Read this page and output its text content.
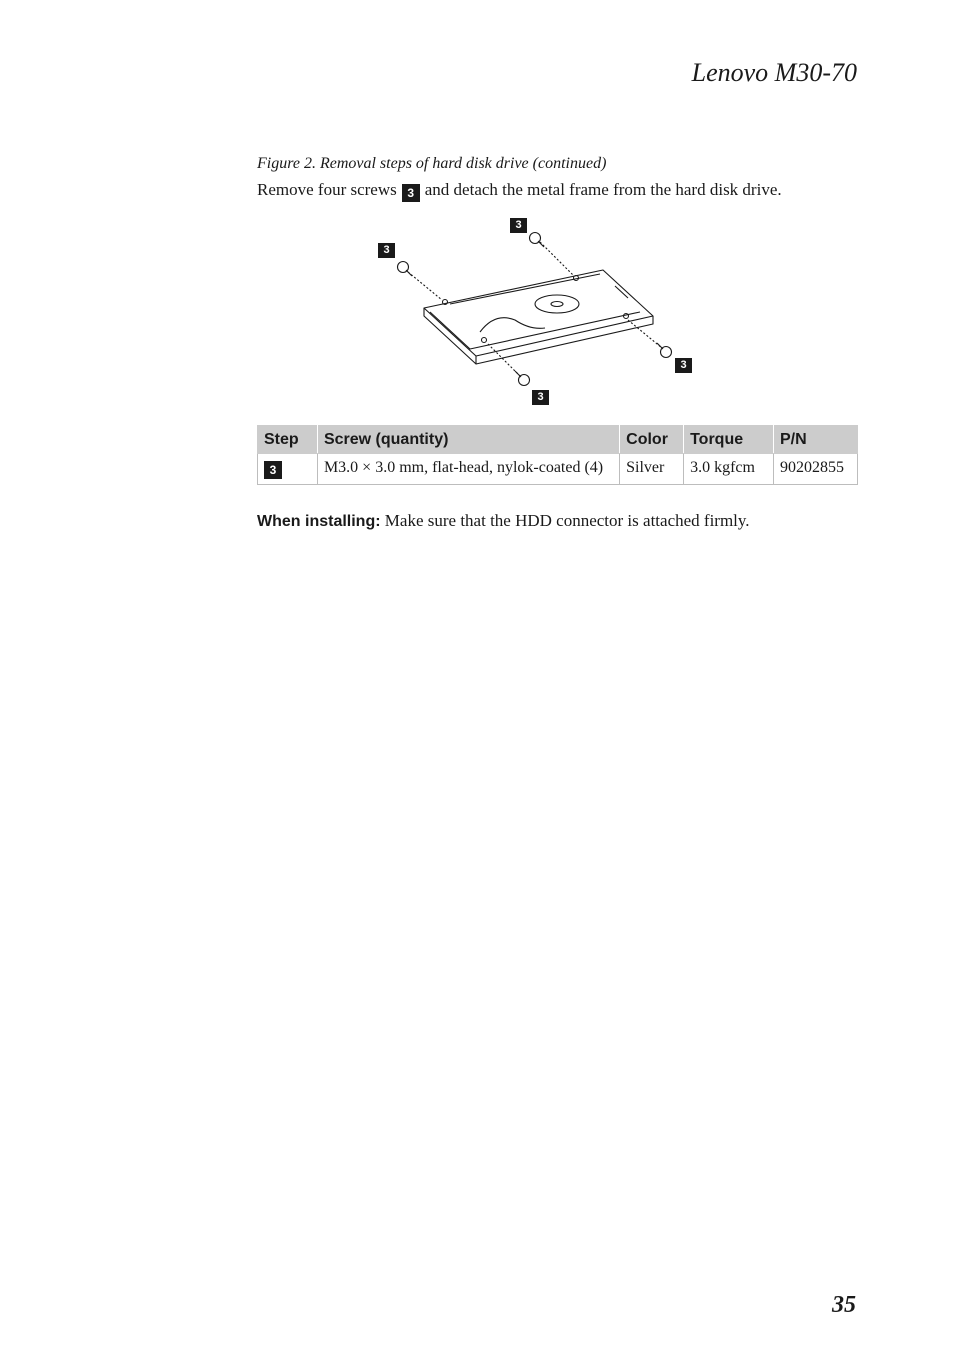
Lenovo M30-70
Figure 2. Removal steps of hard disk drive (continued)
Remove four screws 3 and detach the metal frame from the hard disk drive.
3
3
3
3
Step	Screw (quantity)	Color	Torque	P/N
3	M3.0 × 3.0 mm, flat-head, nylok-coated (4)	Silver	3.0 kgfcm	90202855
When installing: Make sure that the HDD connector is attached firmly.
35
